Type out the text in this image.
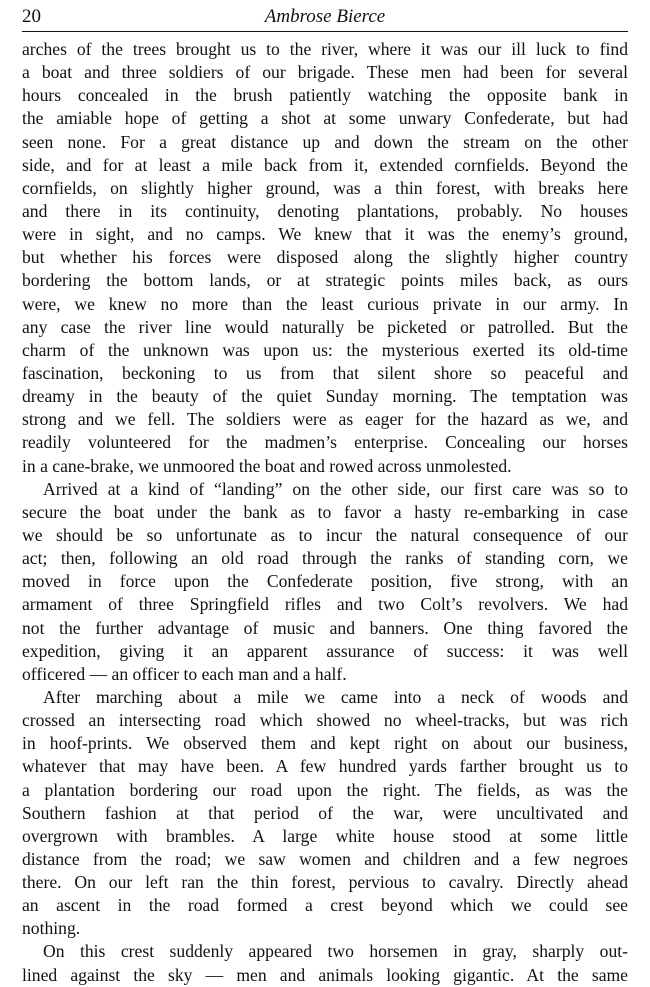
20	Ambrose Bierce
arches of the trees brought us to the river, where it was our ill luck to find
a boat and three soldiers of our brigade. These men had been for several
hours concealed in the brush patiently watching the opposite bank in
the amiable hope of getting a shot at some unwary Confederate, but had
seen none. For a great distance up and down the stream on the other
side, and for at least a mile back from it, extended cornfields. Beyond the
cornfields, on slightly higher ground, was a thin forest, with breaks here
and there in its continuity, denoting plantations, probably. No houses
were in sight, and no camps. We knew that it was the enemy’s ground,
but whether his forces were disposed along the slightly higher country
bordering the bottom lands, or at strategic points miles back, as ours
were, we knew no more than the least curious private in our army. In
any case the river line would naturally be picketed or patrolled. But the
charm of the unknown was upon us: the mysterious exerted its old-time
fascination, beckoning to us from that silent shore so peaceful and
dreamy in the beauty of the quiet Sunday morning. The temptation was
strong and we fell. The soldiers were as eager for the hazard as we, and
readily volunteered for the madmen’s enterprise. Concealing our horses
in a cane-brake, we unmoored the boat and rowed across unmolested.
Arrived at a kind of “landing” on the other side, our first care was so to
secure the boat under the bank as to favor a hasty re-embarking in case
we should be so unfortunate as to incur the natural consequence of our
act; then, following an old road through the ranks of standing corn, we
moved in force upon the Confederate position, five strong, with an
armament of three Springfield rifles and two Colt’s revolvers. We had
not the further advantage of music and banners. One thing favored the
expedition, giving it an apparent assurance of success: it was well
officered — an officer to each man and a half.
After marching about a mile we came into a neck of woods and
crossed an intersecting road which showed no wheel-tracks, but was rich
in hoof-prints. We observed them and kept right on about our business,
whatever that may have been. A few hundred yards farther brought us to
a plantation bordering our road upon the right. The fields, as was the
Southern fashion at that period of the war, were uncultivated and
overgrown with brambles. A large white house stood at some little
distance from the road; we saw women and children and a few negroes
there. On our left ran the thin forest, pervious to cavalry. Directly ahead
an ascent in the road formed a crest beyond which we could see
nothing.
On this crest suddenly appeared two horsemen in gray, sharply out-
lined against the sky — men and animals looking gigantic. At the same
